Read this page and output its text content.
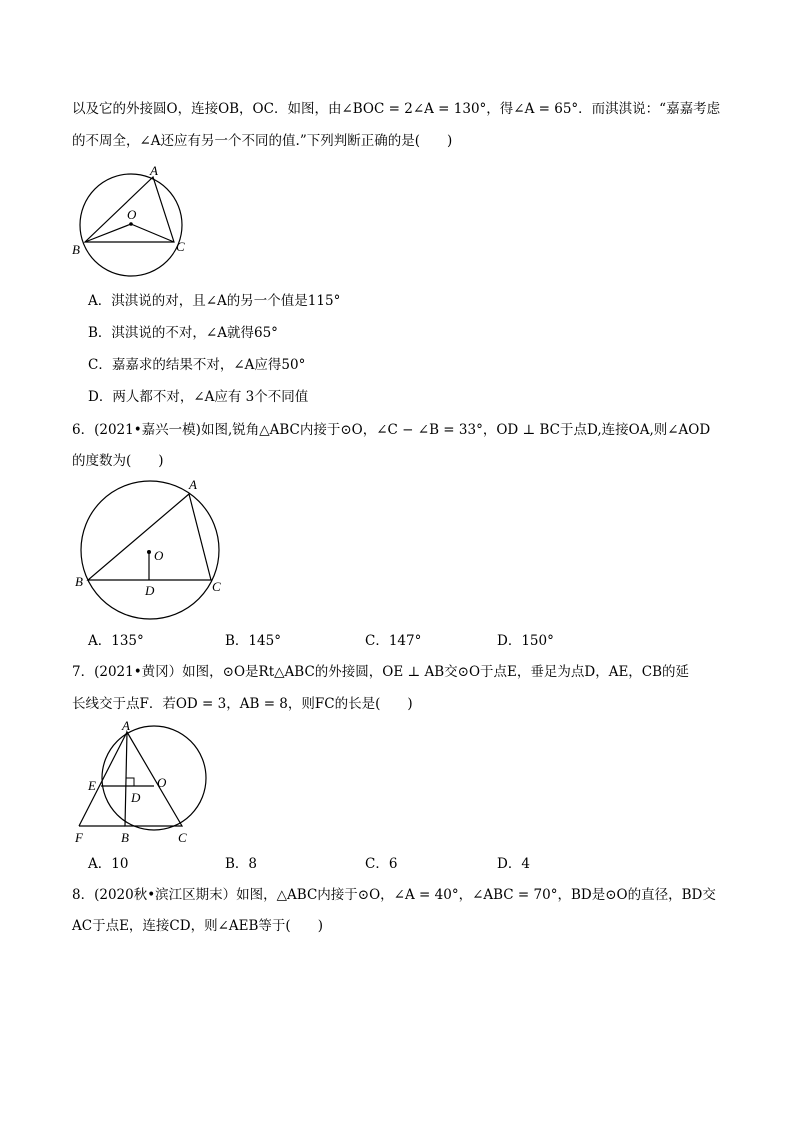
以及它的外接圆O，连接OB，OC．如图，由∠BOC = 2∠A = 130°，得∠A = 65°．而淇淇说：“嘉嘉考虑
的不周全，∠A还应有另一个不同的值.”下列判断正确的是(　　)
A
O
B	C
A．淇淇说的对，且∠A的另一个值是115°
B．淇淇说的不对，∠A就得65°
C．嘉嘉求的结果不对，∠A应得50°
D．两人都不对，∠A应有 3个不同值
6．(2021•嘉兴一模)如图,锐角△ABC内接于⊙O，∠C − ∠B = 33°，OD ⊥ BC于点D,连接OA,则∠AOD
的度数为(　　)
A
O
B	C
D
A．135°	B．145°	C．147°	D．150°
7．(2021•黄冈）如图，⊙O是Rt△ABC的外接圆，OE ⊥ AB交⊙O于点E，垂足为点D，AE，CB的延
长线交于点F．若OD = 3，AB = 8，则FC的长是(　　)
A
E	O
D
F	B	C
A．10	B．8	C．6	D．4
8．(2020秋•滨江区期末）如图，△ABC内接于⊙O，∠A = 40°，∠ABC = 70°，BD是⊙O的直径，BD交
AC于点E，连接CD，则∠AEB等于(　　)
